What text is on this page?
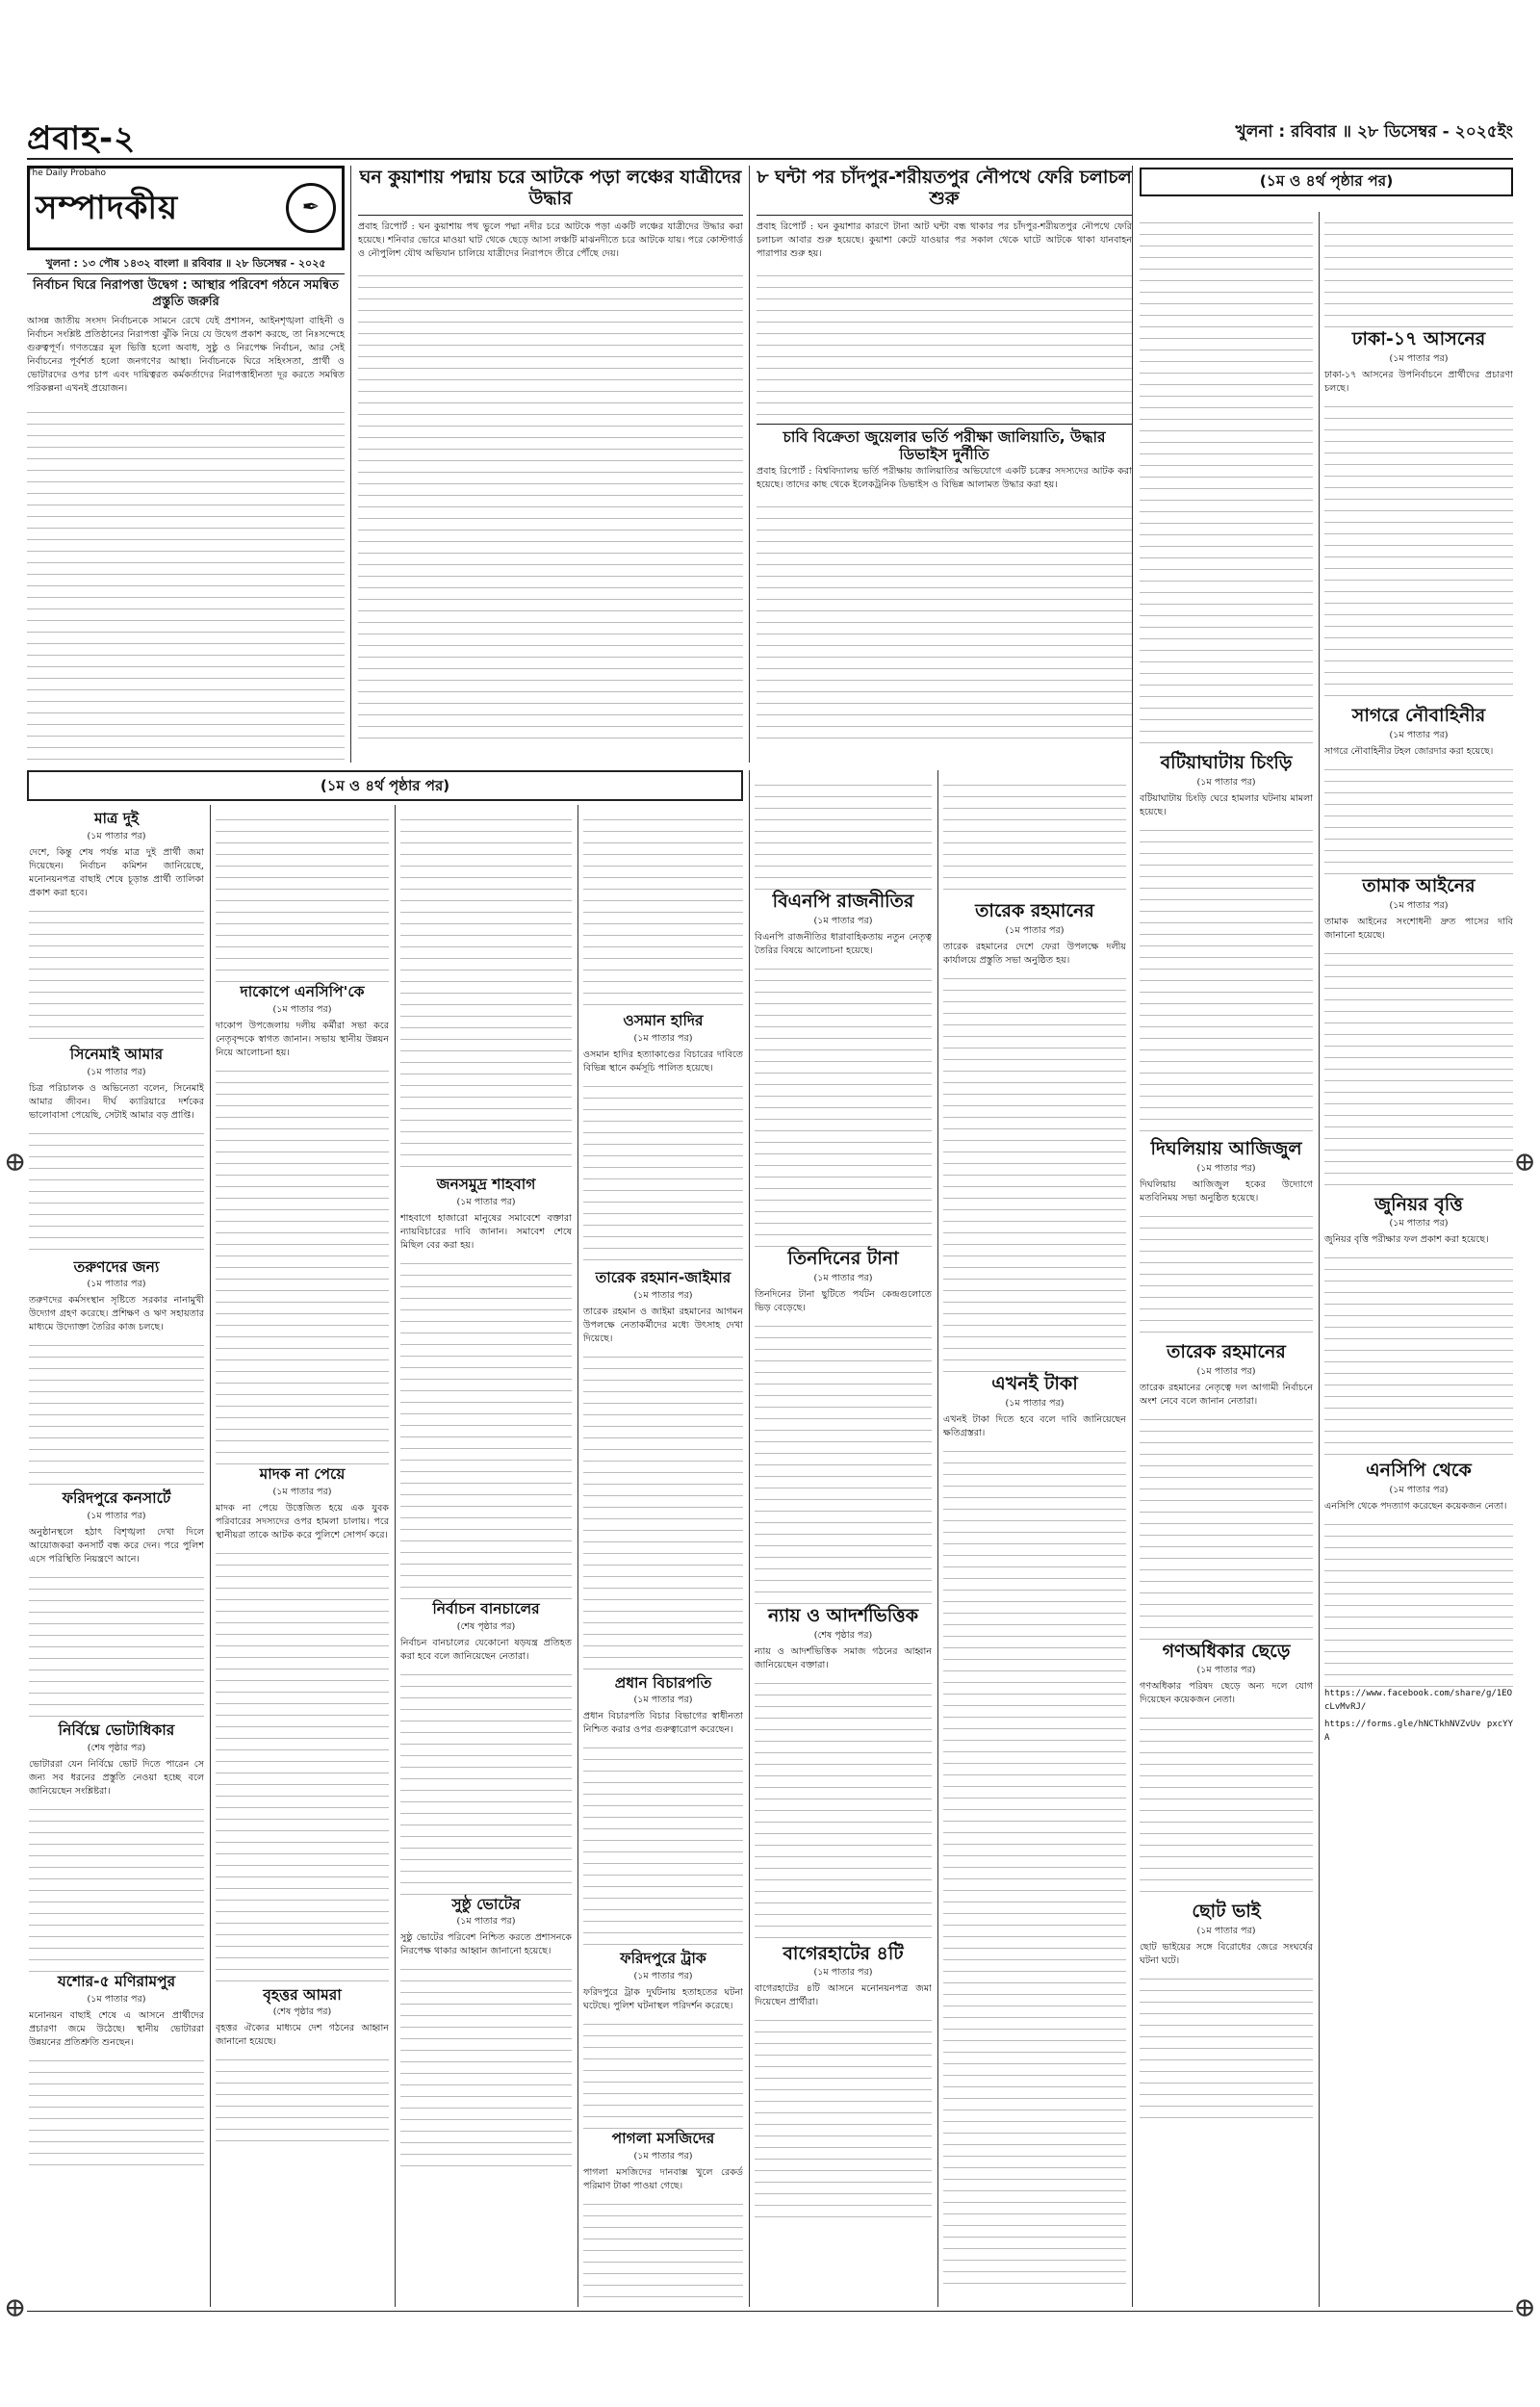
প্রবাহ-২
The Daily Probaho
খুলনা : রবিবার ॥ ২৮ ডিসেম্বর - ২০২৫ইং
⊕	⊕
⊕	⊕
সম্পাদকীয়	✒
খুলনা : ১৩ পৌষ ১৪৩২ বাংলা ॥ রবিবার ॥ ২৮ ডিসেম্বর - ২০২৫
নির্বাচন ঘিরে নিরাপত্তা উদ্বেগ : আস্থার পরিবেশ গঠনে সমন্বিত প্রস্তুতি জরুরি
আসন্ন জাতীয় সংসদ নির্বাচনকে সামনে রেখে যেই প্রশাসন, আইনশৃঙ্খলা বাহিনী ও নির্বাচন সংশ্লিষ্ট প্রতিষ্ঠানের নিরাপত্তা ঝুঁকি নিয়ে যে উদ্বেগ প্রকাশ করছে, তা নিঃসন্দেহে গুরুত্বপূর্ণ। গণতন্ত্রের মূল ভিত্তি হলো অবাধ, সুষ্ঠু ও নিরপেক্ষ নির্বাচন, আর সেই নির্বাচনের পূর্বশর্ত হলো জনগণের আস্থা। নির্বাচনকে ঘিরে সহিংসতা, প্রার্থী ও ভোটারদের ওপর চাপ এবং দায়িত্বরত কর্মকর্তাদের নিরাপত্তাহীনতা দূর করতে সমন্বিত পরিকল্পনা এখনই প্রয়োজন।
ঘন কুয়াশায় পদ্মায় চরে আটকে পড়া লঞ্চের যাত্রীদের উদ্ধার
প্রবাহ রিপোর্ট : ঘন কুয়াশায় পথ ভুলে পদ্মা নদীর চরে আটকে পড়া একটি লঞ্চের যাত্রীদের উদ্ধার করা হয়েছে। শনিবার ভোরে মাওয়া ঘাট থেকে ছেড়ে আসা লঞ্চটি মাঝনদীতে চরে আটকে যায়। পরে কোস্টগার্ড ও নৌপুলিশ যৌথ অভিযান চালিয়ে যাত্রীদের নিরাপদে তীরে পৌঁছে দেয়।
৮ ঘন্টা পর চাঁদপুর-শরীয়তপুর নৌপথে ফেরি চলাচল শুরু
প্রবাহ রিপোর্ট : ঘন কুয়াশার কারণে টানা আট ঘন্টা বন্ধ থাকার পর চাঁদপুর-শরীয়তপুর নৌপথে ফেরি চলাচল আবার শুরু হয়েছে। কুয়াশা কেটে যাওয়ার পর সকাল থেকে ঘাটে আটকে থাকা যানবাহন পারাপার শুরু হয়।
চাবি বিক্রেতা জুয়েলার ভর্তি পরীক্ষা জালিয়াতি, উদ্ধার ডিভাইস দুর্নীতি
প্রবাহ রিপোর্ট : বিশ্ববিদ্যালয় ভর্তি পরীক্ষায় জালিয়াতির অভিযোগে একটি চক্রের সদস্যদের আটক করা হয়েছে। তাদের কাছ থেকে ইলেকট্রনিক ডিভাইস ও বিভিন্ন আলামত উদ্ধার করা হয়।
(১ম ও ৪র্থ পৃষ্ঠার পর)
(১ম ও ৪র্থ পৃষ্ঠার পর)
মাত্র দুই
(১ম পাতার পর)
দেশে, কিন্তু শেষ পর্যন্ত মাত্র দুই প্রার্থী জমা দিয়েছেন। নির্বাচন কমিশন জানিয়েছে, মনোনয়নপত্র বাছাই শেষে চূড়ান্ত প্রার্থী তালিকা প্রকাশ করা হবে।
সিনেমাই আমার
(১ম পাতার পর)
চিত্র পরিচালক ও অভিনেতা বলেন, সিনেমাই আমার জীবন। দীর্ঘ ক্যারিয়ারে দর্শকের ভালোবাসা পেয়েছি, সেটাই আমার বড় প্রাপ্তি।
তরুণদের জন্য
(১ম পাতার পর)
তরুণদের কর্মসংস্থান সৃষ্টিতে সরকার নানামুখী উদ্যোগ গ্রহণ করেছে। প্রশিক্ষণ ও ঋণ সহায়তার মাধ্যমে উদ্যোক্তা তৈরির কাজ চলছে।
ফরিদপুরে কনসার্টে
(১ম পাতার পর)
অনুষ্ঠানস্থলে হঠাৎ বিশৃঙ্খলা দেখা দিলে আয়োজকরা কনসার্ট বন্ধ করে দেন। পরে পুলিশ এসে পরিস্থিতি নিয়ন্ত্রণে আনে।
নির্বিঘ্নে ভোটাধিকার
(শেষ পৃষ্ঠার পর)
ভোটাররা যেন নির্বিঘ্নে ভোট দিতে পারেন সে জন্য সব ধরনের প্রস্তুতি নেওয়া হচ্ছে বলে জানিয়েছেন সংশ্লিষ্টরা।
যশোর-৫ মণিরামপুর
(১ম পাতার পর)
মনোনয়ন বাছাই শেষে এ আসনে প্রার্থীদের প্রচারণা জমে উঠেছে। স্থানীয় ভোটাররা উন্নয়নের প্রতিশ্রুতি শুনছেন।
দাকোপে এনসিপি'কে
(১ম পাতার পর)
দাকোপ উপজেলায় দলীয় কর্মীরা সভা করে নেতৃবৃন্দকে স্বাগত জানান। সভায় স্থানীয় উন্নয়ন নিয়ে আলোচনা হয়।
মাদক না পেয়ে
(১ম পাতার পর)
মাদক না পেয়ে উত্তেজিত হয়ে এক যুবক পরিবারের সদস্যদের ওপর হামলা চালায়। পরে স্থানীয়রা তাকে আটক করে পুলিশে সোপর্দ করে।
বৃহত্তর আমরা
(শেষ পৃষ্ঠার পর)
বৃহত্তর ঐক্যের মাধ্যমে দেশ গঠনের আহ্বান জানানো হয়েছে।
জনসমুদ্র শাহবাগ
(১ম পাতার পর)
শাহবাগে হাজারো মানুষের সমাবেশে বক্তারা ন্যায়বিচারের দাবি জানান। সমাবেশ শেষে মিছিল বের করা হয়।
নির্বাচন বানচালের
(শেষ পৃষ্ঠার পর)
নির্বাচন বানচালের যেকোনো ষড়যন্ত্র প্রতিহত করা হবে বলে জানিয়েছেন নেতারা।
সুষ্ঠু ভোটের
(১ম পাতার পর)
সুষ্ঠু ভোটের পরিবেশ নিশ্চিত করতে প্রশাসনকে নিরপেক্ষ থাকার আহ্বান জানানো হয়েছে।
ওসমান হাদির
(১ম পাতার পর)
ওসমান হাদির হত্যাকাণ্ডের বিচারের দাবিতে বিভিন্ন স্থানে কর্মসূচি পালিত হয়েছে।
তারেক রহমান-জাইমার
(১ম পাতার পর)
তারেক রহমান ও জাইমা রহমানের আগমন উপলক্ষে নেতাকর্মীদের মধ্যে উৎসাহ দেখা দিয়েছে।
প্রধান বিচারপতি
(১ম পাতার পর)
প্রধান বিচারপতি বিচার বিভাগের স্বাধীনতা নিশ্চিত করার ওপর গুরুত্বারোপ করেছেন।
ফরিদপুরে ট্রাক
(১ম পাতার পর)
ফরিদপুরে ট্রাক দুর্ঘটনায় হতাহতের ঘটনা ঘটেছে। পুলিশ ঘটনাস্থল পরিদর্শন করেছে।
পাগলা মসজিদের
(১ম পাতার পর)
পাগলা মসজিদের দানবাক্স খুলে রেকর্ড পরিমাণ টাকা পাওয়া গেছে।
বিএনপি রাজনীতির
(১ম পাতার পর)
বিএনপি রাজনীতির ধারাবাহিকতায় নতুন নেতৃত্ব তৈরির বিষয়ে আলোচনা হয়েছে।
তিনদিনের টানা
(১ম পাতার পর)
তিনদিনের টানা ছুটিতে পর্যটন কেন্দ্রগুলোতে ভিড় বেড়েছে।
ন্যায় ও আদর্শভিত্তিক
(শেষ পৃষ্ঠার পর)
ন্যায় ও আদর্শভিত্তিক সমাজ গঠনের আহ্বান জানিয়েছেন বক্তারা।
বাগেরহাটের ৪টি
(১ম পাতার পর)
বাগেরহাটের ৪টি আসনে মনোনয়নপত্র জমা দিয়েছেন প্রার্থীরা।
তারেক রহমানের
(১ম পাতার পর)
তারেক রহমানের দেশে ফেরা উপলক্ষে দলীয় কার্যালয়ে প্রস্তুতি সভা অনুষ্ঠিত হয়।
এখনই টাকা
(১ম পাতার পর)
এখনই টাকা দিতে হবে বলে দাবি জানিয়েছেন ক্ষতিগ্রস্তরা।
বটিয়াঘাটায় চিংড়ি
(১ম পাতার পর)
বটিয়াঘাটায় চিংড়ি ঘেরে হামলার ঘটনায় মামলা হয়েছে।
দিঘলিয়ায় আজিজুল
(১ম পাতার পর)
দিঘলিয়ায় আজিজুল হকের উদ্যোগে মতবিনিময় সভা অনুষ্ঠিত হয়েছে।
তারেক রহমানের
(১ম পাতার পর)
তারেক রহমানের নেতৃত্বে দল আগামী নির্বাচনে অংশ নেবে বলে জানান নেতারা।
গণঅধিকার ছেড়ে
(১ম পাতার পর)
গণঅধিকার পরিষদ ছেড়ে অন্য দলে যোগ দিয়েছেন কয়েকজন নেতা।
ছোট ভাই
(১ম পাতার পর)
ছোট ভাইয়ের সঙ্গে বিরোধের জেরে সংঘর্ষের ঘটনা ঘটে।
ঢাকা-১৭ আসনের
(১ম পাতার পর)
ঢাকা-১৭ আসনের উপনির্বাচনে প্রার্থীদের প্রচারণা চলছে।
সাগরে নৌবাহিনীর
(১ম পাতার পর)
সাগরে নৌবাহিনীর টহল জোরদার করা হয়েছে।
তামাক আইনের
(১ম পাতার পর)
তামাক আইনের সংশোধনী দ্রুত পাসের দাবি জানানো হয়েছে।
জুনিয়র বৃত্তি
(১ম পাতার পর)
জুনিয়র বৃত্তি পরীক্ষার ফল প্রকাশ করা হয়েছে।
এনসিপি থেকে
(১ম পাতার পর)
এনসিপি থেকে পদত্যাগ করেছেন কয়েকজন নেতা।
https://www.facebook.com/share/g/1EOcLvMvRJ/
https://forms.gle/hNCTkhNVZvUv pxcYYA
